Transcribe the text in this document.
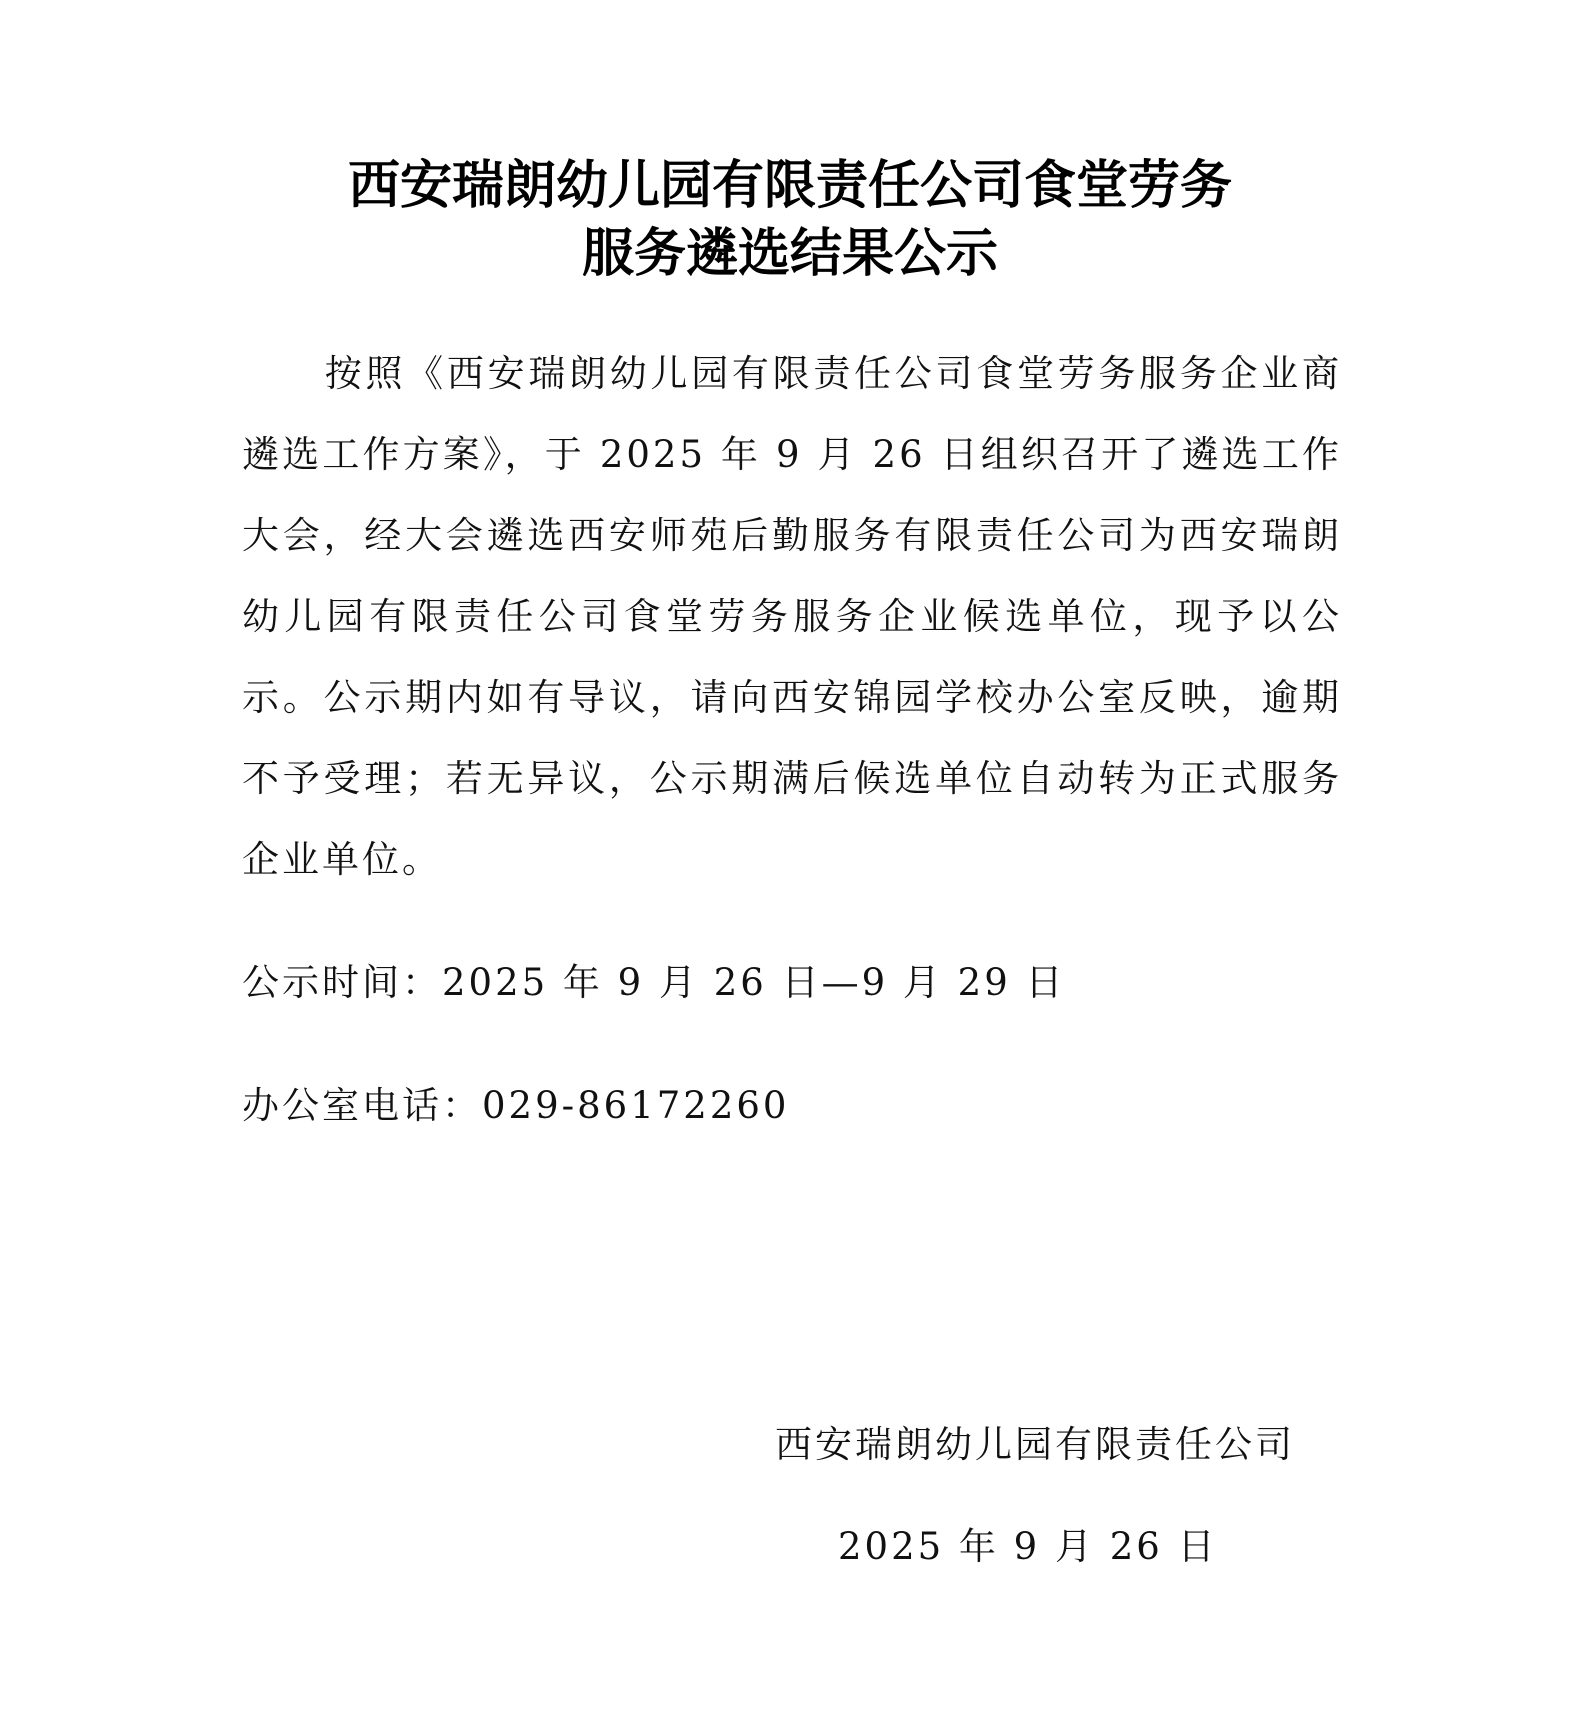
西安瑞朗幼儿园有限责任公司食堂劳务
服务遴选结果公示
按照《西安瑞朗幼儿园有限责任公司食堂劳务服务企业商遴选工作方案》，于 2025 年 9 月 26 日组织召开了遴选工作大会，经大会遴选西安师苑后勤服务有限责任公司为西安瑞朗幼儿园有限责任公司食堂劳务服务企业候选单位，现予以公示。公示期内如有导议，请向西安锦园学校办公室反映，逾期不予受理；若无异议，公示期满后候选单位自动转为正式服务企业单位。
公示时间：2025 年 9 月 26 日—9 月 29 日
办公室电话：029-86172260
西安瑞朗幼儿园有限责任公司
2025 年 9 月 26 日
